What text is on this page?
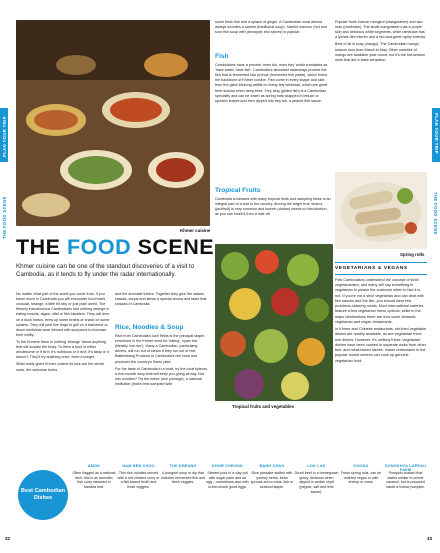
Khmer cuisine
Tropical fruits and vegetables
Spring rolls
PLAN YOUR TRIP
THE FOOD SCENE
PLAN YOUR TRIP
THE FOOD SCENE
THE FOOD SCENE
Khmer cuisine can be one of the standout discoveries of a visit to Cambodia, as it tends to fly under the radar internationally.

No matter what part of the world you come from, if you travel much in Cambodia you will encounter food that's unusual, strange, a little bit icky or just plain weird. The fiercely insectivorous Cambodians find nothing strange in eating insects, algae, offal or fish bladders. They will dine on a duck foetus, brew up some brains or snack on some spiders. They will peel live frogs to grill on a barbecue or down medicinal wine infused with scorpions to increase their virility.

To the Khmers there is nothing 'strange' about anything that will sustain the body. To them a food is either wholesome or it isn't; it's nutritious or it isn't; it's tasty or it doesn't. They'll try anything once, even a burger.

What really gives Khmer cuisine its kick are the secret roots, the welcome herbs

and the aromatic tubers. Together they give the salads, snacks, soups and stews a special aroma and taste that smacks of Cambodia.
Rice, Noodles & Soup

Rice from Cambodia's lush fields is the principal staple, enshrined in the Khmer word for 'eating', nyam bai (literally 'eat rice'). Many a Cambodian, particularly drivers, will run out of steam if they run out of rice; Battambang Province is Cambodia's rice bowl and produces the country's finest yield.

For the taste of Cambodia in a bowl, try the local kyteow, a rice-noodle soup that will keep you going all day. Not into noodles? Try the bobor (rice porridge), a national institution (that's best sampled with

some fresh fish and a splash of ginger. A Cambodian meal almost always includes a samlor (traditional soup). Samlor machou (hot and sour fish soup with pineapple and spices) is popular.
Fish

Cambodians have a proverb 'mien tuk, mien trey' which translates as 'have water, have fish'. Cambodia's abundant waterways provide the fish that is fermented into prohuk (fermented fish paste), which forms the backbone of Khmer cuisine. Fish come in every shape and size, from the giant Mekong catfish to teeny-tiny whitebait, which are great beer snacks when deep-fried. Trey aing (grilled fish) is a Cambodian speciality and can be eaten as spring rolls wrapped in lettuce or spinach leaves and then dipped into trey tuk, a peanut fish sauce.

Tropical Fruits
Cambodia is blessed with many tropical fruits and sampling these is an integral part of a visit to the country. Among the larger fruit, khanoi (jackfruit) is very common and tourein (durian) needs no introduction, as you can smell it from a mile off.

Popular fruits include mongkut (mangosteen) and sao mao (rambutan). The small mangosteen has a purple skin and delicious white segments, while rambutan has a lychee-like interior and a red-and-green spiky exterior.

Best of all is svay (mango). The Cambodian mango season runs from March to May. Other varieties of mango are available year-round, but it's the hot-season ones that are a taste sensation.

VEGETARIANS & VEGANS

Few Cambodians understand the concept of strict vegetarianism, and many will say something is vegetarian to please the customer when in fact it is not. If you're not a strict vegetarian and can deal with fish sauces and the like, you should have few problems ordering meals. Most international eateries feature a few vegetarian menu options, while in the major destinations there are now some fantastic vegetarian and vegan restaurants.

In Khmer and Chinese restaurants, stir-fried vegetable dishes are readily available, as are vegetarian fried-rice dishes. However, it's unlikely these 'vegetarian' dishes have been cooked in separate woks from other fish- and meat-based dishes. Indian restaurants in the popular tourist centres can cook up genuine vegetarian food.

Best Cambodian Dishes
AMOK
Often flagged as a national dish, this is an aromatic fish curry steamed in banana leaf.
NAM BEN CHOC
Thin rice noodles served with a red chicken curry or a fish-based broth and fresh veggies.
TUK KREUNG
A pungent soup or dip that includes fermented fish and fresh veggies.
KHOR CHROUK
Stewed pork in a clay pot with sugar palm and an egg – sometimes also with in-the-mouth good eggs.
BANH CHAO
Rice pancake stuffed with yummy herbs, bean sprouts and a meat, fish or seafood staple.
LOK LAK
Diced beef in a homegrown gravy, delicious when dipped in amber cepif (pepper, salt and lime sauce).
CUONO
Fresh spring rolls, can be ordered vegan or with shrimp or meat.
SONGKHYA LAPEAU PAEM
Pumpkin custard that tastes similar to crème caramel, but is prepared inside a hollow pumpkin.
32	33
